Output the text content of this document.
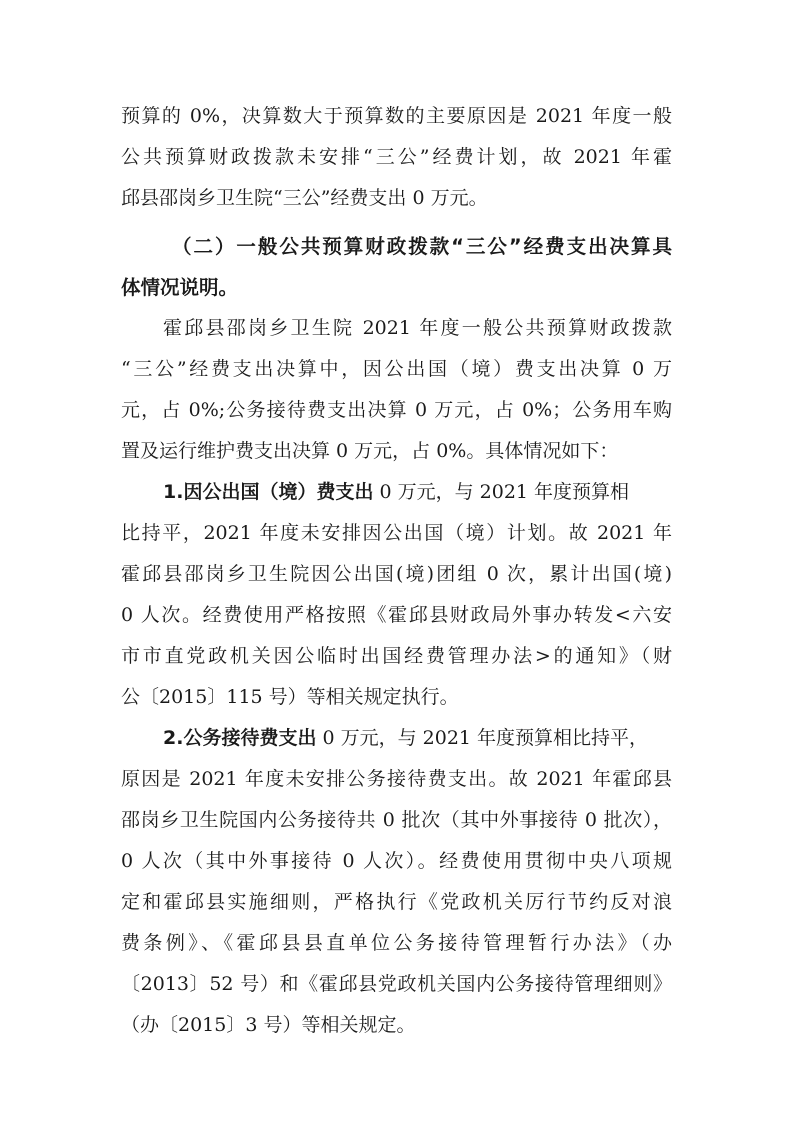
预算的 0%，决算数大于预算数的主要原因是 2021 年度一般
公共预算财政拨款未安排“三公”经费计划，故 2021 年霍
邱县邵岗乡卫生院“三公”经费支出 0 万元。
（二）一般公共预算财政拨款“三公”经费支出决算具
体情况说明。
霍邱县邵岗乡卫生院 2021 年度一般公共预算财政拨款
“三公”经费支出决算中，因公出国（境）费支出决算 0 万
元，占 0%;公务接待费支出决算 0 万元，占 0%；公务用车购
置及运行维护费支出决算 0 万元，占 0%。具体情况如下：
1.因公出国（境）费支出 0 万元，与 2021 年度预算相
比持平，2021 年度未安排因公出国（境）计划。故 2021 年
霍邱县邵岗乡卫生院因公出国(境)团组 0 次，累计出国(境)
0 人次。经费使用严格按照《霍邱县财政局外事办转发<六安
市市直党政机关因公临时出国经费管理办法>的通知》（财
公〔2015〕115 号）等相关规定执行。
2.公务接待费支出 0 万元，与 2021 年度预算相比持平，
原因是 2021 年度未安排公务接待费支出。故 2021 年霍邱县
邵岗乡卫生院国内公务接待共 0 批次（其中外事接待 0 批次），
0 人次（其中外事接待 0 人次）。经费使用贯彻中央八项规
定和霍邱县实施细则，严格执行《党政机关厉行节约反对浪
费条例》、《霍邱县县直单位公务接待管理暂行办法》（办
〔2013〕52 号）和《霍邱县党政机关国内公务接待管理细则》
（办〔2015〕3 号）等相关规定。
